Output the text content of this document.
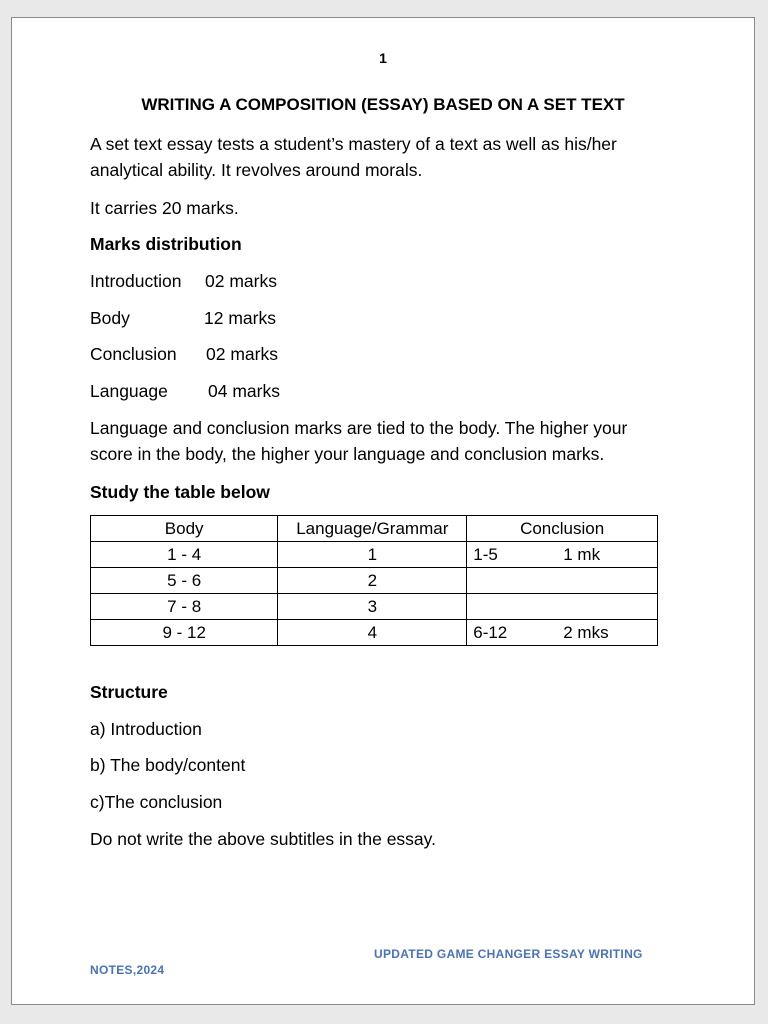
1
WRITING A COMPOSITION (ESSAY) BASED ON A SET TEXT
A set text essay tests a student’s mastery of a text as well as his/her
analytical ability. It revolves around morals.
It carries 20 marks.
Marks distribution
Introduction 02 marks
Body	12 marks
Conclusion 02 marks
Language 04 marks
Language and conclusion marks are tied to the body. The higher your
score in the body, the higher your language and conclusion marks.
Study the table below
Body	Language/Grammar	Conclusion
1 - 4	1	1-5 1 mk

5 - 6	2	

7 - 8	3	

9 - 12	4	6-12 2 mks
Structure
a) Introduction
b) The body/content
c)The conclusion
Do not write the above subtitles in the essay.
UPDATED GAME CHANGER ESSAY WRITING
NOTES,2024
